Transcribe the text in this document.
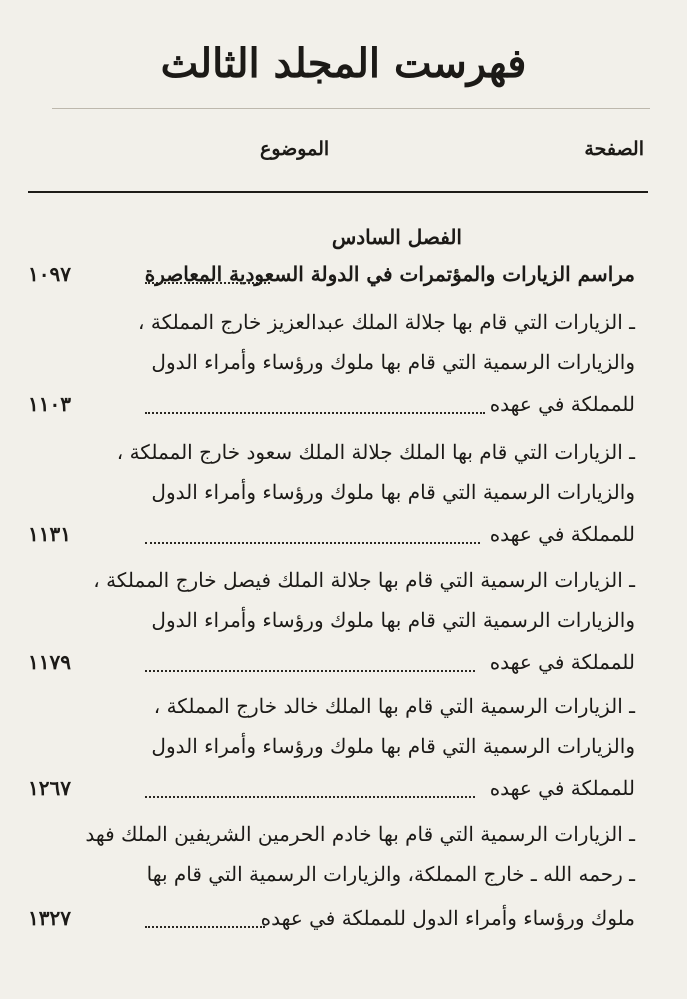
فهرست المجلد الثالث
الموضوع	الصفحة
الفصل السادس
مراسم الزيارات والمؤتمرات في الدولة السعودية المعاصرة
١٠٩٧
ـ الزيارات التي قام بها جلالة الملك عبدالعزيز خارج المملكة ،
والزيارات الرسمية التي قام بها ملوك ورؤساء وأمراء الدول
للمملكة في عهده
١١٠٣
ـ الزيارات التي قام بها الملك جلالة الملك سعود خارج المملكة ،
والزيارات الرسمية التي قام بها ملوك ورؤساء وأمراء الدول
للمملكة في عهده
١١٣١
ـ الزيارات الرسمية التي قام بها جلالة الملك فيصل خارج المملكة ،
والزيارات الرسمية التي قام بها ملوك ورؤساء وأمراء الدول
للمملكة في عهده
١١٧٩
ـ الزيارات الرسمية التي قام بها الملك خالد خارج المملكة ،
والزيارات الرسمية التي قام بها ملوك ورؤساء وأمراء الدول
للمملكة في عهده
١٢٦٧
ـ الزيارات الرسمية التي قام بها خادم الحرمين الشريفين الملك فهد
ـ رحمه الله ـ خارج المملكة، والزيارات الرسمية التي قام بها
ملوك ورؤساء وأمراء الدول للمملكة في عهده
١٣٢٧
